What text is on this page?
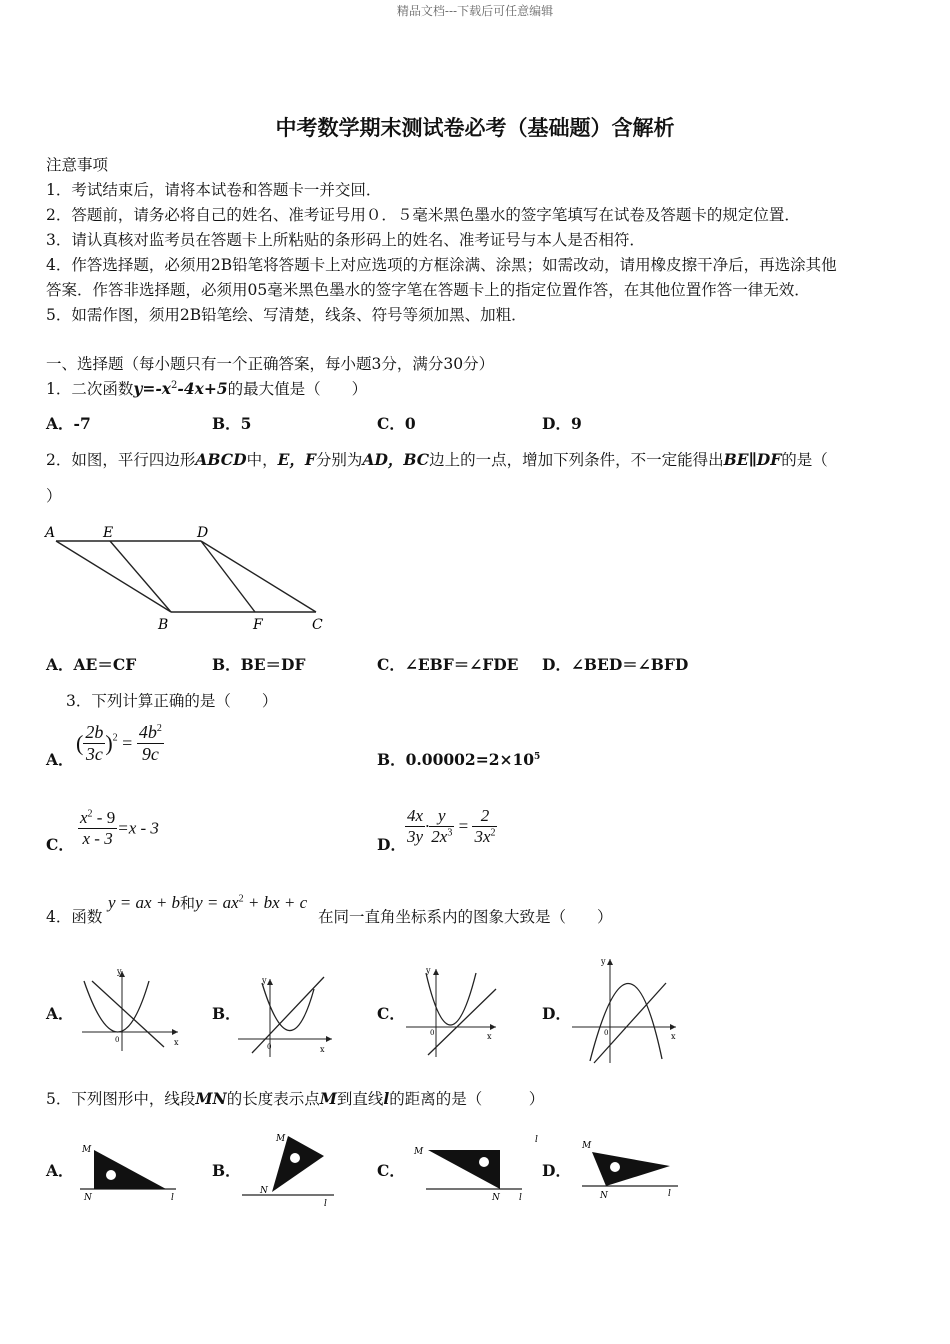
精品文档---下载后可任意编辑
中考数学期末测试卷必考（基础题）含解析
注意事项
1．考试结束后，请将本试卷和答题卡一并交回．
2．答题前，请务必将自己的姓名、准考证号用０．５毫米黑色墨水的签字笔填写在试卷及答题卡的规定位置．
3．请认真核对监考员在答题卡上所粘贴的条形码上的姓名、准考证号与本人是否相符．
4．作答选择题，必须用2B铅笔将答题卡上对应选项的方框涂满、涂黑；如需改动，请用橡皮擦干净后，再选涂其他
答案．作答非选择题，必须用05毫米黑色墨水的签字笔在答题卡上的指定位置作答，在其他位置作答一律无效．
5．如需作图，须用2B铅笔绘、写清楚，线条、符号等须加黑、加粗．
一、选择题（每小题只有一个正确答案，每小题3分，满分30分）
1．二次函数$y=-x^2-4x+5$的最大值是（　　）
A．-7	B．5	C．0	D．9
2．如图，平行四边形ABCD中，E，F分别为AD，BC边上的一点，增加下列条件，不一定能得出BE∥DF的是（
）
A	E	D
B	F	C
A．AE＝CF	B．BE＝DF	C．∠EBF＝∠FDE D．∠BED＝∠BFD
3．下列计算正确的是（　　）
A．
( $\frac{2b}{3c} )^2 = \frac{4b^2}{9c}$	B．$0.00002=2\times 10^5$
C． $\frac{x^2 - 9}{x - 3} =x - 3$
D． $\frac{4x}{3y} \cdot \frac{y}{2x^3} = \frac{2}{3x^2}$
4．函数
y = ax + b和$y = ax^2$ + bx + c
在同一直角坐标系内的图象大致是（　　）
A．	B．	C．	D．
y
x
0
y
x
0
y
x
0
y
x
0
5．下列图形中，线段MN的长度表示点M到直线l的距离的是（　　　）
A．	B．	C．	D．
M
N	l
M
N
l
M
N l
l
M
N	l
